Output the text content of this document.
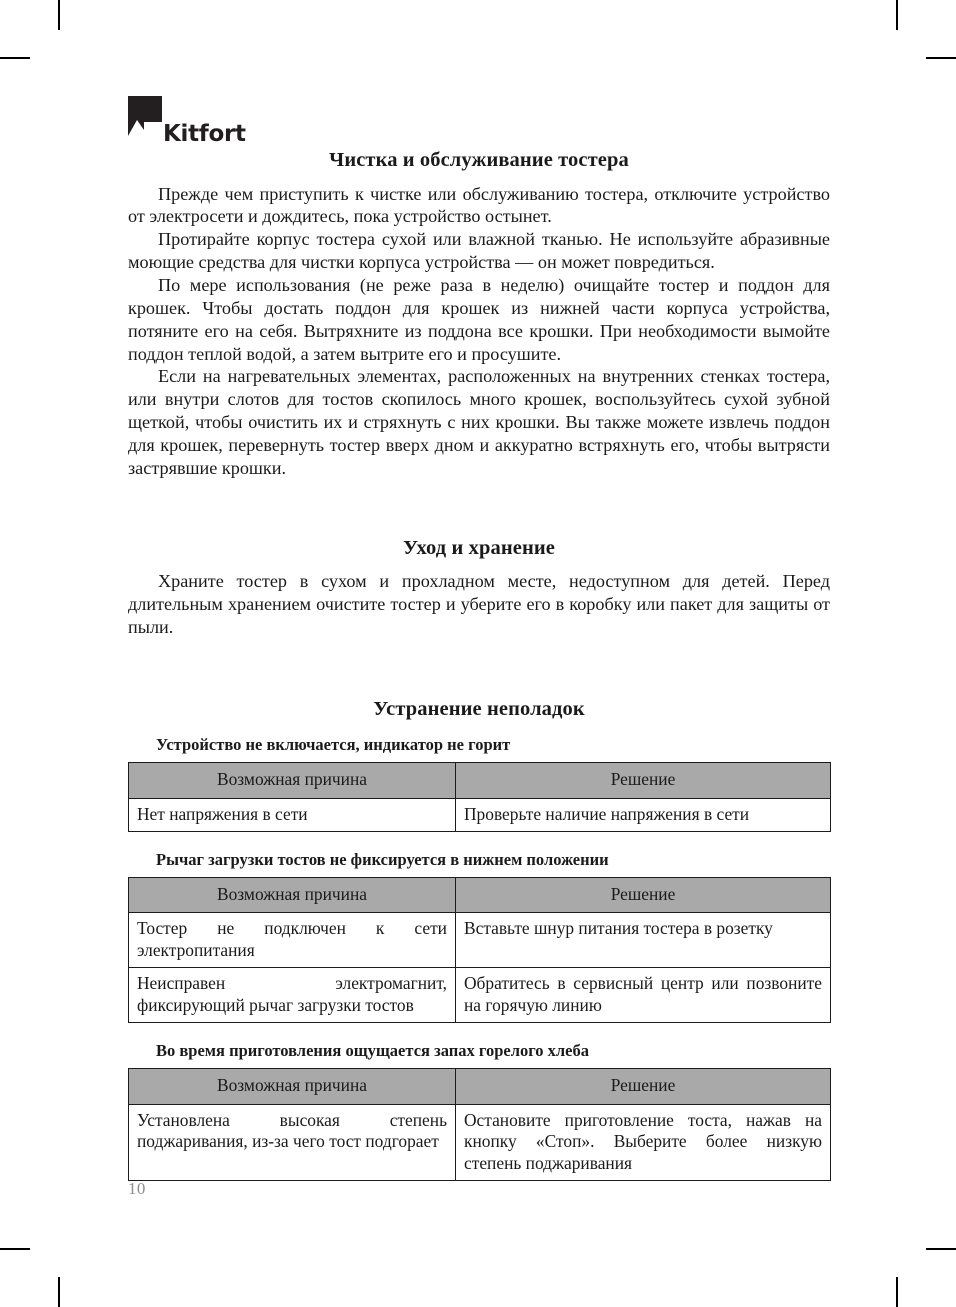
Kitfort
Чистка и обслуживание тостера

Прежде чем приступить к чистке или обслуживанию тостера, отключите устройство от электросети и дождитесь, пока устройство остынет.

Протирайте корпус тостера сухой или влажной тканью. Не используйте абразивные моющие средства для чистки корпуса устройства — он может повредиться.

По мере использования (не реже раза в неделю) очищайте тостер и поддон для крошек. Чтобы достать поддон для крошек из нижней части корпуса устройства, потяните его на себя. Вытряхните из поддона все крошки. При необходимости вымойте поддон теплой водой, а затем вытрите его и просушите.

Если на нагревательных элементах, расположенных на внутренних стенках тостера, или внутри слотов для тостов скопилось много крошек, воспользуйтесь сухой зубной щеткой, чтобы очистить их и стряхнуть с них крошки. Вы также можете извлечь поддон для крошек, перевернуть тостер вверх дном и аккуратно встряхнуть его, чтобы вытрясти застрявшие крошки.

Уход и хранение

Храните тостер в сухом и прохладном месте, недоступном для детей. Перед длительным хранением очистите тостер и уберите его в коробку или пакет для защиты от пыли.

Устранение неполадок
Устройство не включается, индикатор не горит
Возможная причина	Решение
Нет напряжения в сети	Проверьте наличие напряжения в сети
Рычаг загрузки тостов не фиксируется в нижнем положении
Возможная причина	Решение
Тостер не подключен к сети электропитания	Вставьте шнур питания тостера в розетку
Неисправен электромагнит, фиксирующий рычаг загрузки тостов	Обратитесь в сервисный центр или позвоните на горячую линию
Во время приготовления ощущается запах горелого хлеба
Возможная причина	Решение
Установлена высокая степень поджаривания, из-за чего тост подгорает	Остановите приготовление тоста, нажав на кнопку «Стоп». Выберите более низкую степень поджаривания
10
